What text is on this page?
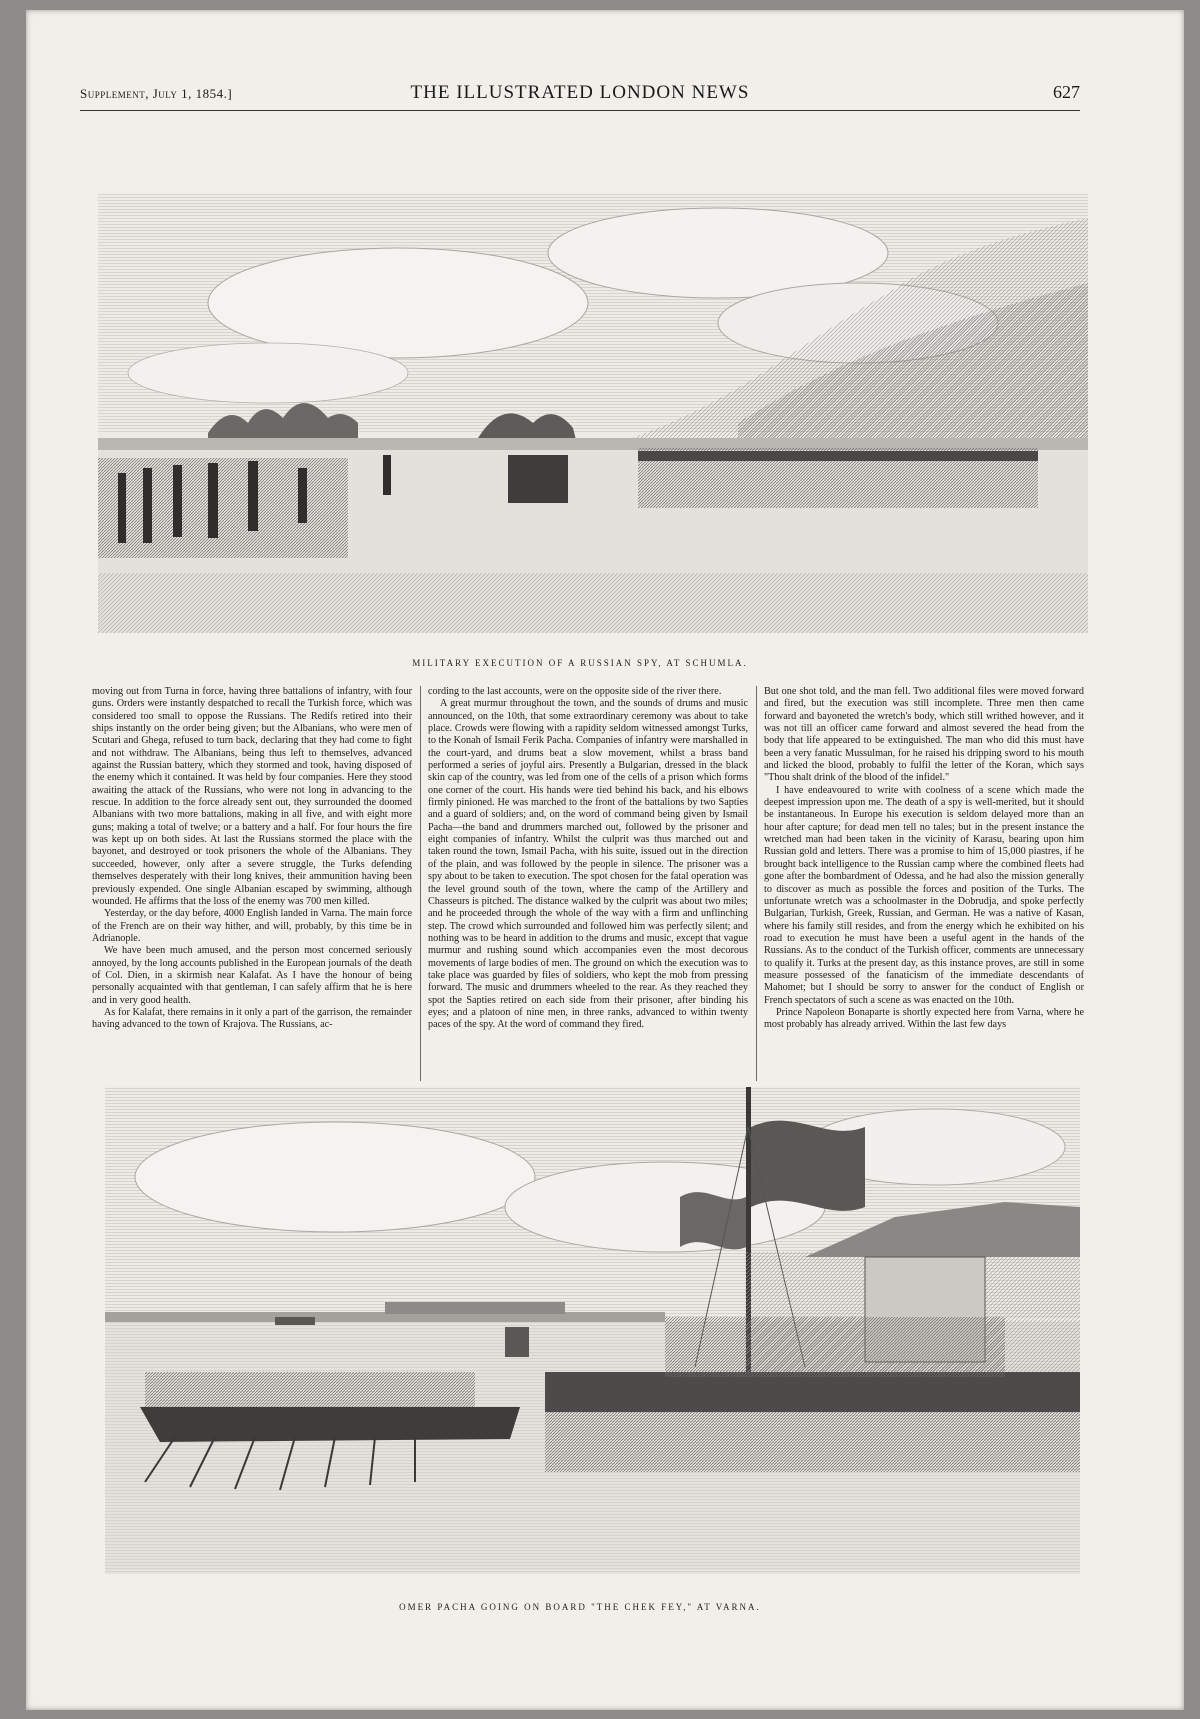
Supplement, July 1, 1854.]	THE ILLUSTRATED LONDON NEWS	627
MILITARY EXECUTION OF A RUSSIAN SPY, AT SCHUMLA.

moving out from Turna in force, having three battalions of infantry, with four guns. Orders were instantly despatched to recall the Turkish force, which was considered too small to oppose the Russians. The Redifs retired into their ships instantly on the order being given; but the Albanians, who were men of Scutari and Ghega, refused to turn back, declaring that they had come to fight and not withdraw. The Albanians, being thus left to themselves, advanced against the Russian battery, which they stormed and took, having disposed of the enemy which it contained. It was held by four companies. Here they stood awaiting the attack of the Russians, who were not long in advancing to the rescue. In addition to the force already sent out, they surrounded the doomed Albanians with two more battalions, making in all five, and with eight more guns; making a total of twelve; or a battery and a half. For four hours the fire was kept up on both sides. At last the Russians stormed the place with the bayonet, and destroyed or took prisoners the whole of the Albanians. They succeeded, however, only after a severe struggle, the Turks defending themselves desperately with their long knives, their ammunition having been previously expended. One single Albanian escaped by swimming, although wounded. He affirms that the loss of the enemy was 700 men killed.

Yesterday, or the day before, 4000 English landed in Varna. The main force of the French are on their way hither, and will, probably, by this time be in Adrianople.

We have been much amused, and the person most concerned seriously annoyed, by the long accounts published in the European journals of the death of Col. Dien, in a skirmish near Kalafat. As I have the honour of being personally acquainted with that gentleman, I can safely affirm that he is here and in very good health.

As for Kalafat, there remains in it only a part of the garrison, the remainder having advanced to the town of Krajova. The Russians, ac-

cording to the last accounts, were on the opposite side of the river there.

A great murmur throughout the town, and the sounds of drums and music announced, on the 10th, that some extraordinary ceremony was about to take place. Crowds were flowing with a rapidity seldom witnessed amongst Turks, to the Konah of Ismail Ferik Pacha. Companies of infantry were marshalled in the court-yard, and drums beat a slow movement, whilst a brass band performed a series of joyful airs. Presently a Bulgarian, dressed in the black skin cap of the country, was led from one of the cells of a prison which forms one corner of the court. His hands were tied behind his back, and his elbows firmly pinioned. He was marched to the front of the battalions by two Sapties and a guard of soldiers; and, on the word of command being given by Ismail Pacha—the band and drummers marched out, followed by the prisoner and eight companies of infantry. Whilst the culprit was thus marched out and taken round the town, Ismail Pacha, with his suite, issued out in the direction of the plain, and was followed by the people in silence. The prisoner was a spy about to be taken to execution. The spot chosen for the fatal operation was the level ground south of the town, where the camp of the Artillery and Chasseurs is pitched. The distance walked by the culprit was about two miles; and he proceeded through the whole of the way with a firm and unflinching step. The crowd which surrounded and followed him was perfectly silent; and nothing was to be heard in addition to the drums and music, except that vague murmur and rushing sound which accompanies even the most decorous movements of large bodies of men. The ground on which the execution was to take place was guarded by files of soldiers, who kept the mob from pressing forward. The music and drummers wheeled to the rear. As they reached they spot the Sapties retired on each side from their prisoner, after binding his eyes; and a platoon of nine men, in three ranks, advanced to within twenty paces of the spy. At the word of command they fired.

But one shot told, and the man fell. Two additional files were moved forward and fired, but the execution was still incomplete. Three men then came forward and bayoneted the wretch's body, which still writhed however, and it was not till an officer came forward and almost severed the head from the body that life appeared to be extinguished. The man who did this must have been a very fanatic Mussulman, for he raised his dripping sword to his mouth and licked the blood, probably to fulfil the letter of the Koran, which says "Thou shalt drink of the blood of the infidel."

I have endeavoured to write with coolness of a scene which made the deepest impression upon me. The death of a spy is well-merited, but it should be instantaneous. In Europe his execution is seldom delayed more than an hour after capture; for dead men tell no tales; but in the present instance the wretched man had been taken in the vicinity of Karasu, bearing upon him Russian gold and letters. There was a promise to him of 15,000 piastres, if he brought back intelligence to the Russian camp where the combined fleets had gone after the bombardment of Odessa, and he had also the mission generally to discover as much as possible the forces and position of the Turks. The unfortunate wretch was a schoolmaster in the Dobrudja, and spoke perfectly Bulgarian, Turkish, Greek, Russian, and German. He was a native of Kasan, where his family still resides, and from the energy which he exhibited on his road to execution he must have been a useful agent in the hands of the Russians. As to the conduct of the Turkish officer, comments are unnecessary to qualify it. Turks at the present day, as this instance proves, are still in some measure possessed of the fanaticism of the immediate descendants of Mahomet; but I should be sorry to answer for the conduct of English or French spectators of such a scene as was enacted on the 10th.

Prince Napoleon Bonaparte is shortly expected here from Varna, where he most probably has already arrived. Within the last few days

OMER PACHA GOING ON BOARD "THE CHEK FEY," AT VARNA.
